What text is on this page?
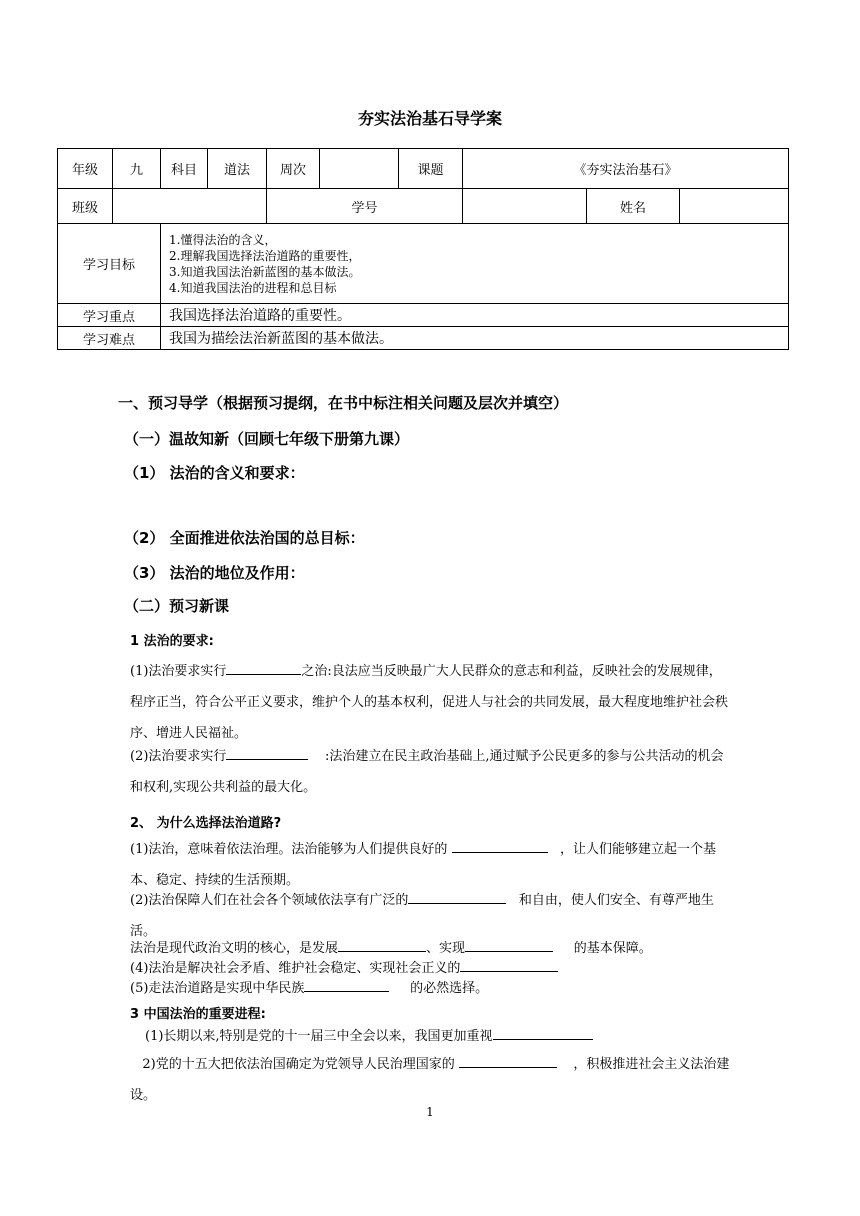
夯实法治基石导学案
年级	九	科目	道法	周次		课题	《夯实法治基石》		
班级				学号				姓名	
学习目标		1.懂得法治的含义，
2.理解我国选择法治道路的重要性，
3.知道我国法治新蓝图的基本做法。
4.知道我国法治的进程和总目标							

学习重点		我国选择法治道路的重要性。							
学习难点		我国为描绘法治新蓝图的基本做法。							
一、预习导学（根据预习提纲，在书中标注相关问题及层次并填空）
（一）温故知新（回顾七年级下册第九课）
（1） 法治的含义和要求：
（2） 全面推进依法治国的总目标：
（3） 法治的地位及作用：
（二）预习新课
1 法治的要求:
(1)法治要求实行	之治:良法应当反映最广大人民群众的意志和利益，反映社会的发展规律，程序正当，符合公平正义要求，维护个人的基本权利，促进人与社会的共同发展，最大程度地维护社会秩序、增进人民福祉。
(2)法治要求实行	:法治建立在民主政治基础上,通过赋予公民更多的参与公共活动的机会和权利,实现公共利益的最大化。
2、 为什么选择法治道路?
(1)法治，意味着依法治理。法治能够为人们提供良好的	，让人们能够建立起一个基本、稳定、持续的生活预期。
(2)法治保障人们在社会各个领域依法享有广泛的	和自由，使人们安全、有尊严地生活。
法治是现代政治文明的核心，是发展	、实现	的基本保障。
(4)法治是解决社会矛盾、维护社会稳定、实现社会正义的
(5)走法治道路是实现中华民族	的必然选择。
3 中国法治的重要进程:
(1)长期以来,特别是党的十一届三中全会以来，我国更加重视
2)党的十五大把依法治国确定为党领导人民治理国家的	，积极推进社会主义法治建设。
1
